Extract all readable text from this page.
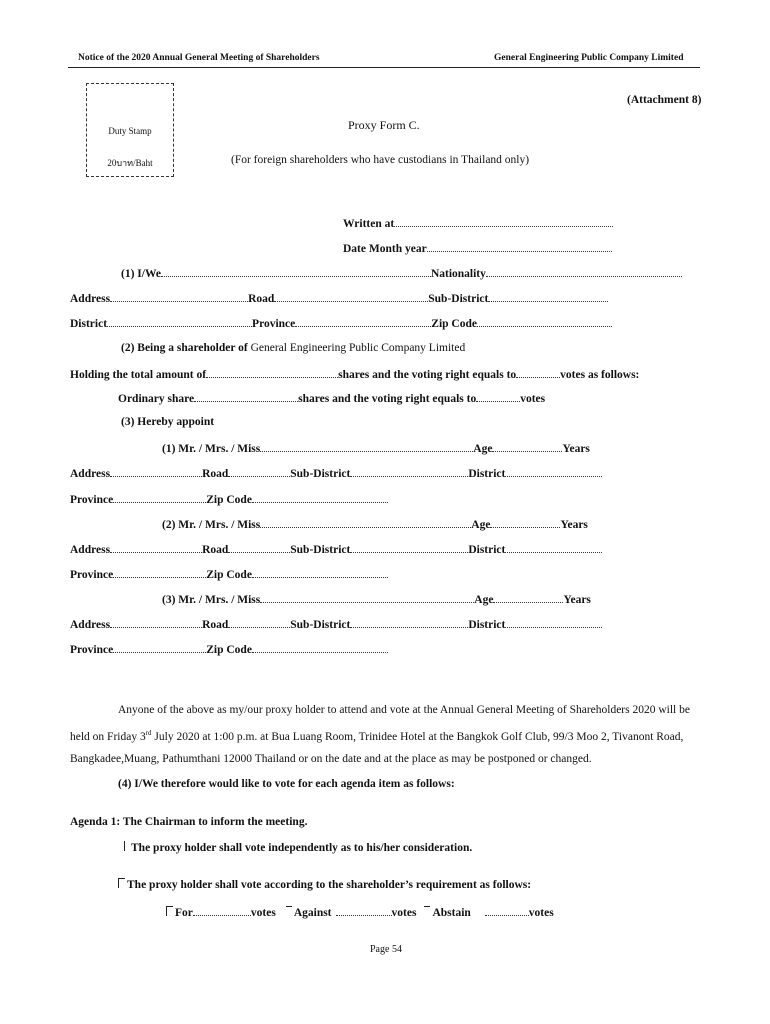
Notice of the 2020 Annual General Meeting of Shareholders	General Engineering Public Company Limited
(Attachment 8)
Duty Stamp
20บาท/Baht
Proxy Form C.
(For foreign shareholders who have custodians in Thailand only)
Written at
Date Month year
(1) I/We	Nationality
Address	Road	Sub-District
District	Province	Zip Code
(2) Being a shareholder of General Engineering Public Company Limited
Holding the total amount of	shares and the voting right equals to	votes as follows:
Ordinary share	shares and the voting right equals to	votes
(3) Hereby appoint
(1) Mr. / Mrs. / Miss	Age	Years
Address	Road	Sub-District	District
Province	Zip Code
(2) Mr. / Mrs. / Miss	Age	Years
Address	Road	Sub-District	District
Province	Zip Code
(3) Mr. / Mrs. / Miss	Age	Years
Address	Road	Sub-District	District
Province	Zip Code
Anyone of the above as my/our proxy holder to attend and vote at the Annual General Meeting of Shareholders 2020 will be
held on Friday 3rd July 2020 at 1:00 p.m. at Bua Luang Room, Trinidee Hotel at the Bangkok Golf Club, 99/3 Moo 2, Tivanont Road,
Bangkadee,Muang, Pathumthani 12000 Thailand or on the date and at the place as may be postponed or changed.
(4) I/We therefore would like to vote for each agenda item as follows:
Agenda 1: The Chairman to inform the meeting.
The proxy holder shall vote independently as to his/her consideration.
The proxy holder shall vote according to the shareholder’s requirement as follows:
For	votes Against	votes Abstain	votes
Page 54
